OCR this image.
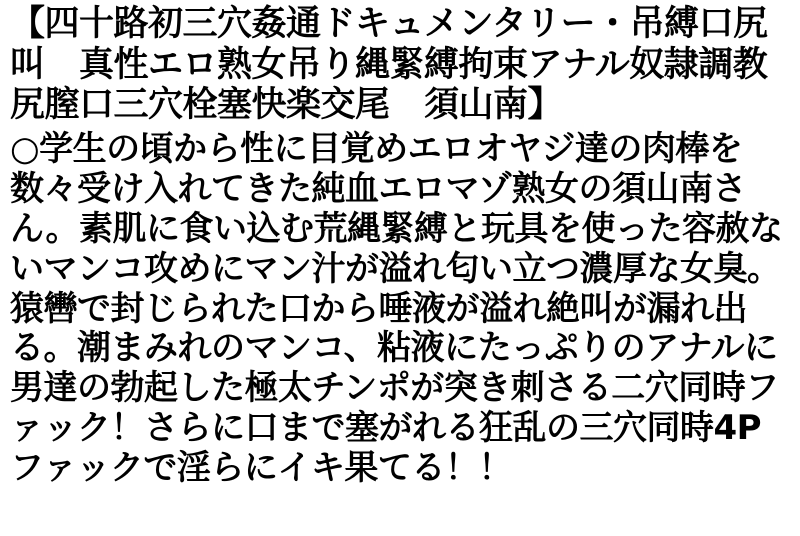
【四十路初三穴姦通ドキュメンタリー・吊縛口尻叫　真性エロ熟女吊り縄緊縛拘束アナル奴隷調教尻膣口三穴栓塞快楽交尾　須山南】

○学生の頃から性に目覚めエロオヤジ達の肉棒を数々受け入れてきた純血エロマゾ熟女の須山南さん。素肌に食い込む荒縄緊縛と玩具を使った容赦ないマンコ攻めにマン汁が溢れ匂い立つ濃厚な女臭。猿轡で封じられた口から唾液が溢れ絶叫が漏れ出る。潮まみれのマンコ、粘液にたっぷりのアナルに男達の勃起した極太チンポが突き刺さる二穴同時ファック！さらに口まで塞がれる狂乱の三穴同時4Pファックで淫らにイキ果てる！！
